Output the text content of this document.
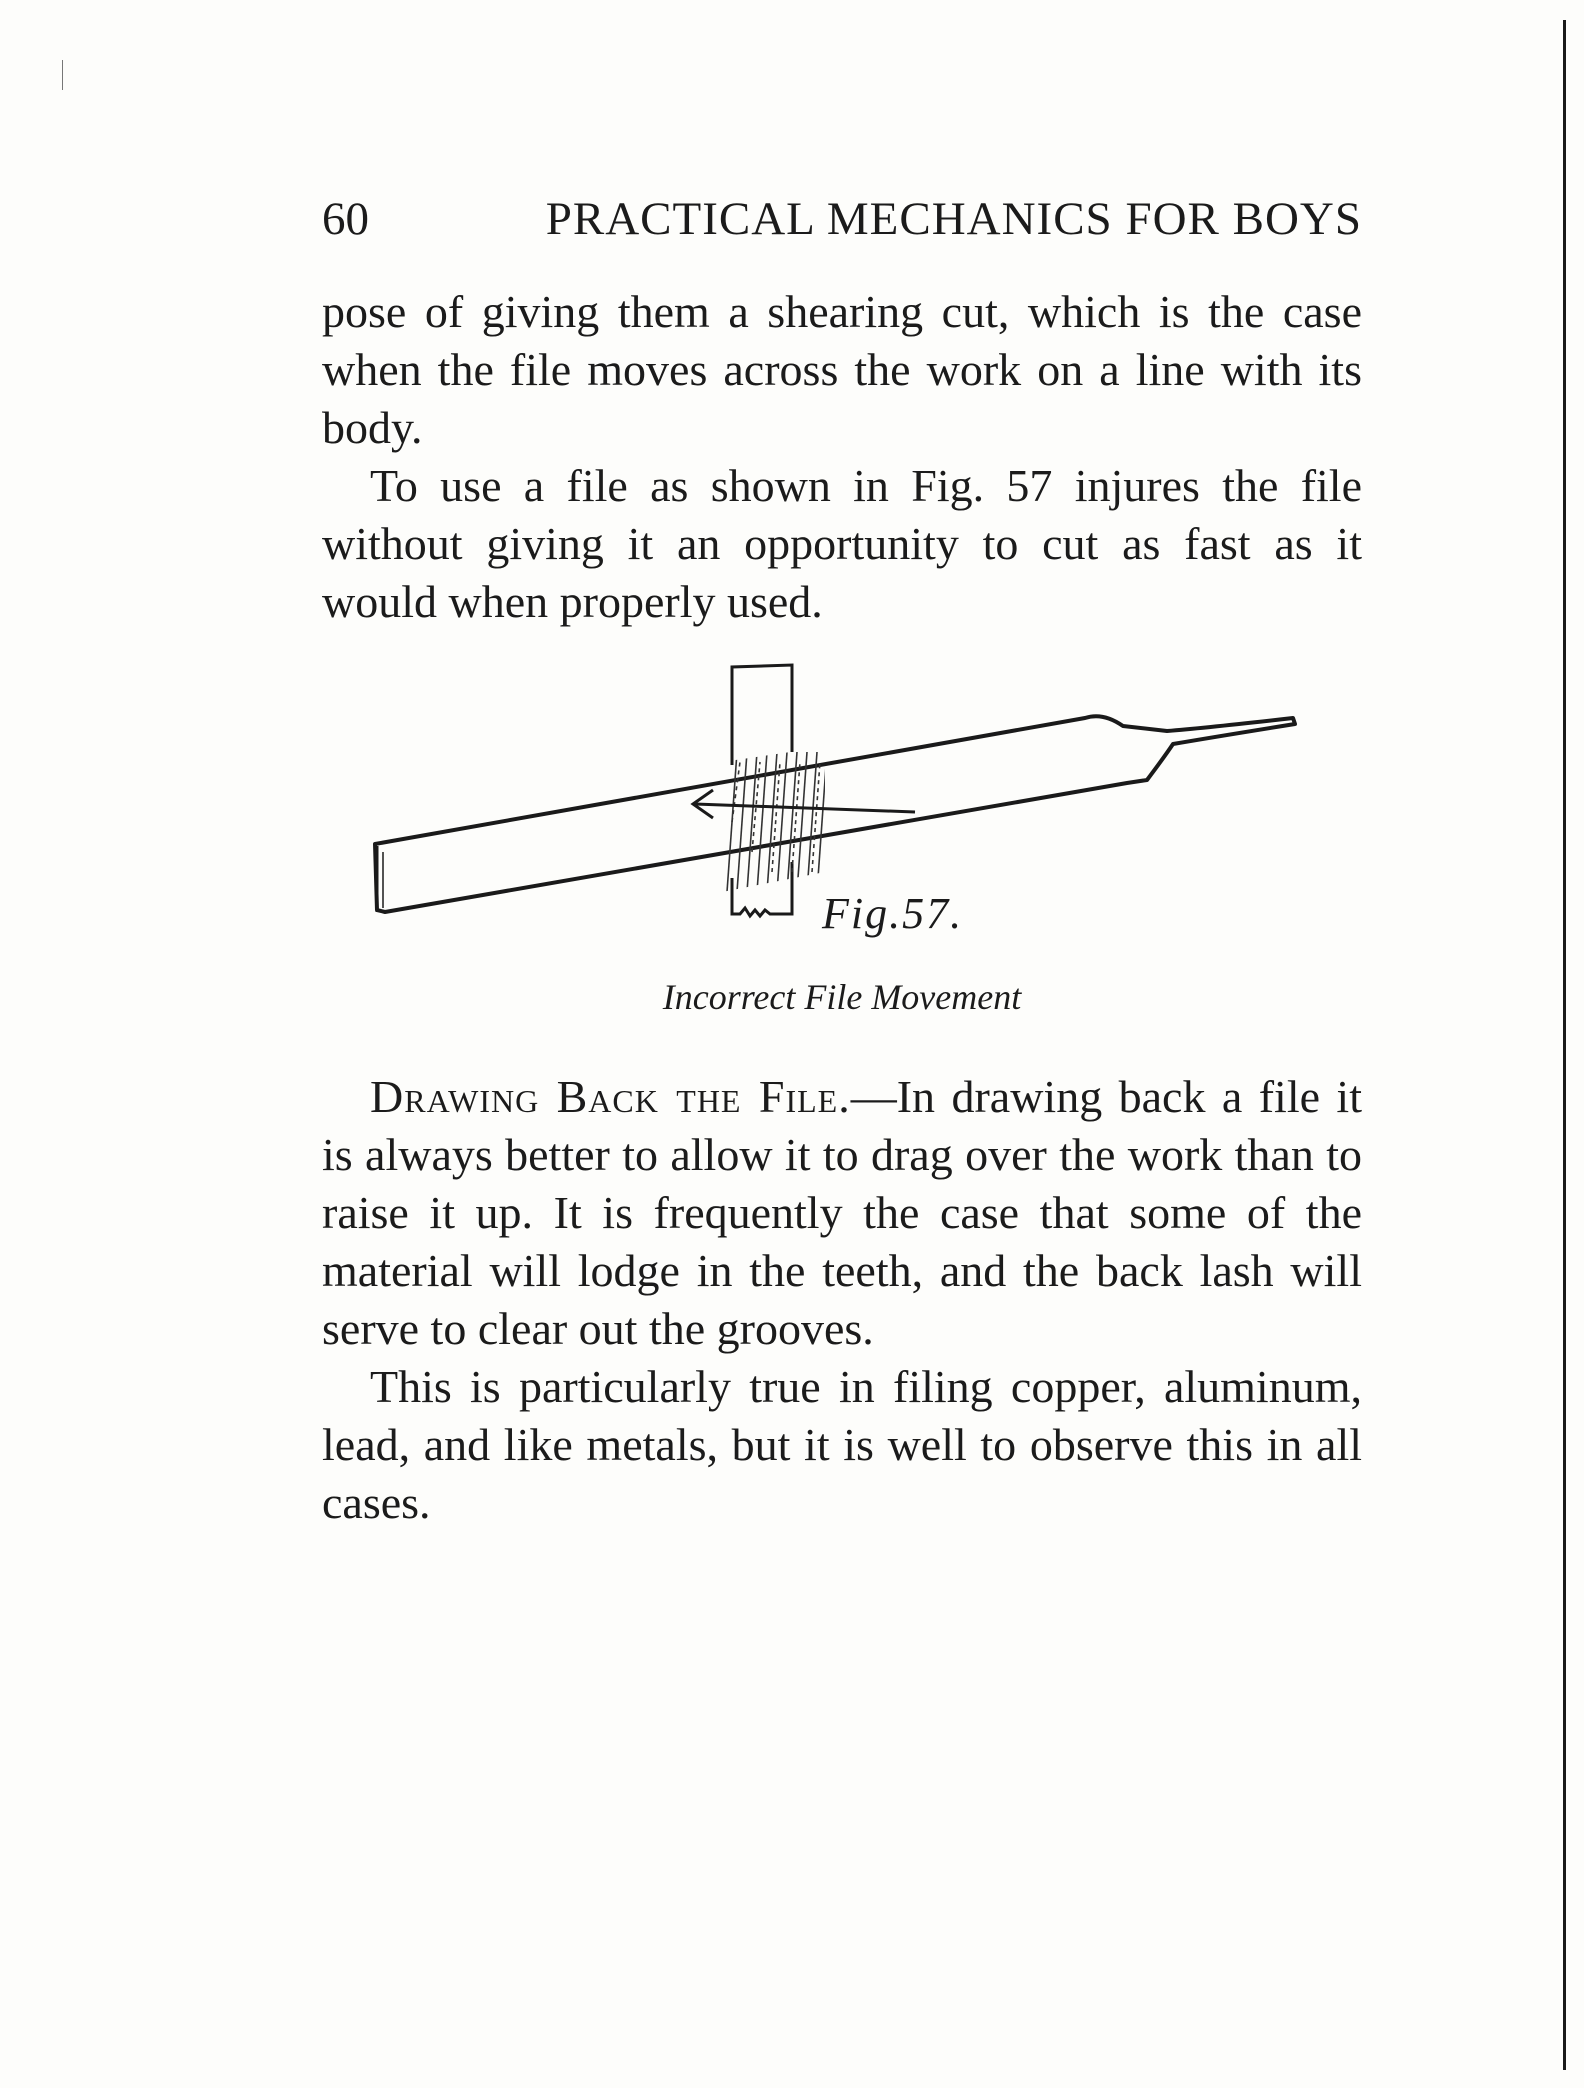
60	PRACTICAL MECHANICS FOR BOYS

pose of giving them a shearing cut, which is the case when the file moves across the work on a line with its body.

To use a file as shown in Fig. 57 injures the file without giving it an opportunity to cut as fast as it would when properly used.

Fig.57.
Incorrect File Movement

Drawing Back the File.—In drawing back a file it is always better to allow it to drag over the work than to raise it up. It is frequently the case that some of the material will lodge in the teeth, and the back lash will serve to clear out the grooves.

This is particularly true in filing copper, aluminum, lead, and like metals, but it is well to observe this in all cases.
